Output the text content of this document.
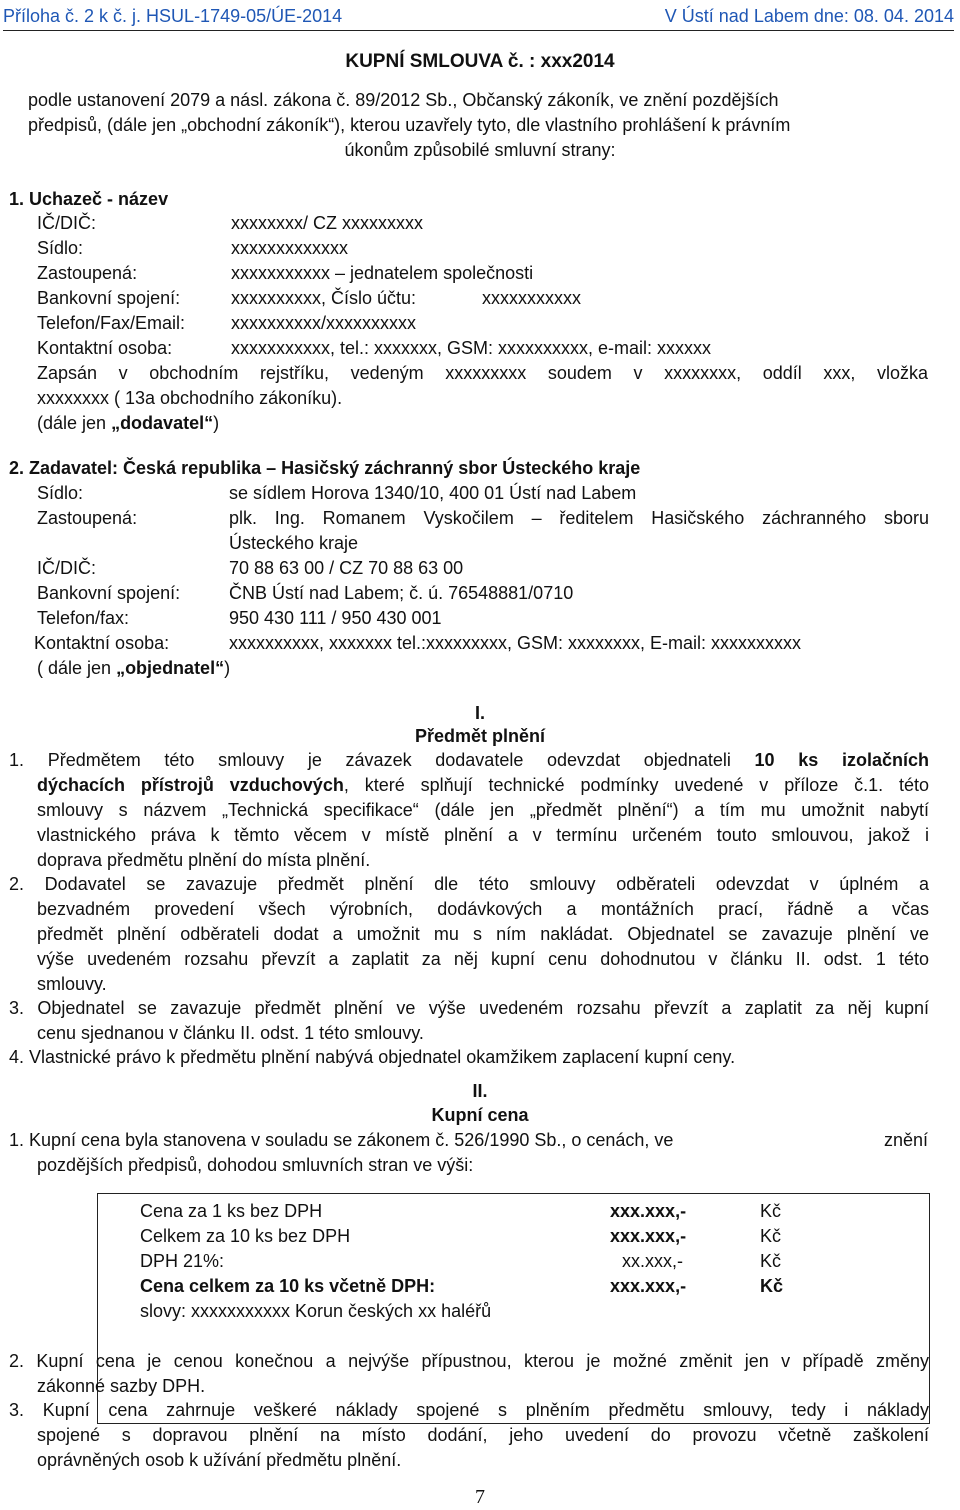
Příloha č. 2 k č. j. HSUL-1749-05/ÚE-2014	V Ústí nad Labem dne: 08. 04. 2014
KUPNÍ SMLOUVA č. : xxx2014
podle ustanovení 2079 a násl. zákona č. 89/2012 Sb., Občanský zákoník, ve znění pozdějších
předpisů, (dále jen „obchodní zákoník“), kterou uzavřely tyto, dle vlastního prohlášení k právním
úkonům způsobilé smluvní strany:
1. Uchazeč - název
IČ/DIČ:	xxxxxxxx/ CZ xxxxxxxxx
Sídlo:	xxxxxxxxxxxxx
Zastoupená:	xxxxxxxxxxx – jednatelem společnosti
Bankovní spojení:	xxxxxxxxxx, Číslo účtu:	xxxxxxxxxxx
Telefon/Fax/Email:	xxxxxxxxxx/xxxxxxxxxx
Kontaktní osoba:	xxxxxxxxxxx, tel.: xxxxxxx, GSM: xxxxxxxxxx, e-mail: xxxxxx
Zapsán v obchodním rejstříku, vedeným xxxxxxxxx soudem v xxxxxxxx, oddíl xxx, vložka
xxxxxxxx ( 13a obchodního zákoníku).
(dále jen „dodavatel“)
2. Zadavatel: Česká republika – Hasičský záchranný sbor Ústeckého kraje
Sídlo:	se sídlem Horova 1340/10, 400 01 Ústí nad Labem
Zastoupená:	plk. Ing. Romanem Vyskočilem – ředitelem Hasičského záchranného sboru
Ústeckého kraje
IČ/DIČ:	70 88 63 00 / CZ 70 88 63 00
Bankovní spojení:	ČNB Ústí nad Labem; č. ú. 76548881/0710
Telefon/fax:	950 430 111 / 950 430 001
Kontaktní osoba:	xxxxxxxxxx, xxxxxxx tel.:xxxxxxxxx, GSM: xxxxxxxx, E-mail: xxxxxxxxxx
( dále jen „objednatel“)
I.
Předmět plnění
1. Předmětem této smlouvy je závazek dodavatele odevzdat objednateli 10 ks izolačních
dýchacích přístrojů vzduchových, které splňují technické podmínky uvedené v příloze č.1. této
smlouvy s názvem „Technická specifikace“ (dále jen „předmět plnění“) a tím mu umožnit nabytí
vlastnického práva k těmto věcem v místě plnění a v termínu určeném touto smlouvou, jakož i
doprava předmětu plnění do místa plnění.
2. Dodavatel se zavazuje předmět plnění dle této smlouvy odběrateli odevzdat v úplném a
bezvadném provedení všech výrobních, dodávkových a montážních prací, řádně a včas
předmět plnění odběrateli dodat a umožnit mu s ním nakládat. Objednatel se zavazuje plnění ve
výše uvedeném rozsahu převzít a zaplatit za něj kupní cenu dohodnutou v článku II. odst. 1 této
smlouvy.
3. Objednatel se zavazuje předmět plnění ve výše uvedeném rozsahu převzít a zaplatit za něj kupní
cenu sjednanou v článku II. odst. 1 této smlouvy.
4. Vlastnické právo k předmětu plnění nabývá objednatel okamžikem zaplacení kupní ceny.
II.
Kupní cena
1. Kupní cena byla stanovena v souladu se zákonem č. 526/1990 Sb., o cenách, ve	znění
pozdějších předpisů, dohodou smluvních stran ve výši:
Cena za 1 ks bez DPH	xxx.xxx,-	Kč
Celkem za 10 ks bez DPH	xxx.xxx,-	Kč
DPH 21%:	xx.xxx,-	Kč
Cena celkem za 10 ks včetně DPH:	xxx.xxx,-	Kč
slovy: xxxxxxxxxxx Korun českých xx haléřů
2. Kupní cena je cenou konečnou a nejvýše přípustnou, kterou je možné změnit jen v případě změny
zákonné sazby DPH.
3. Kupní cena zahrnuje veškeré náklady spojené s plněním předmětu smlouvy, tedy i náklady
spojené s dopravou plnění na místo dodání, jeho uvedení do provozu včetně zaškolení
oprávněných osob k užívání předmětu plnění.
7
